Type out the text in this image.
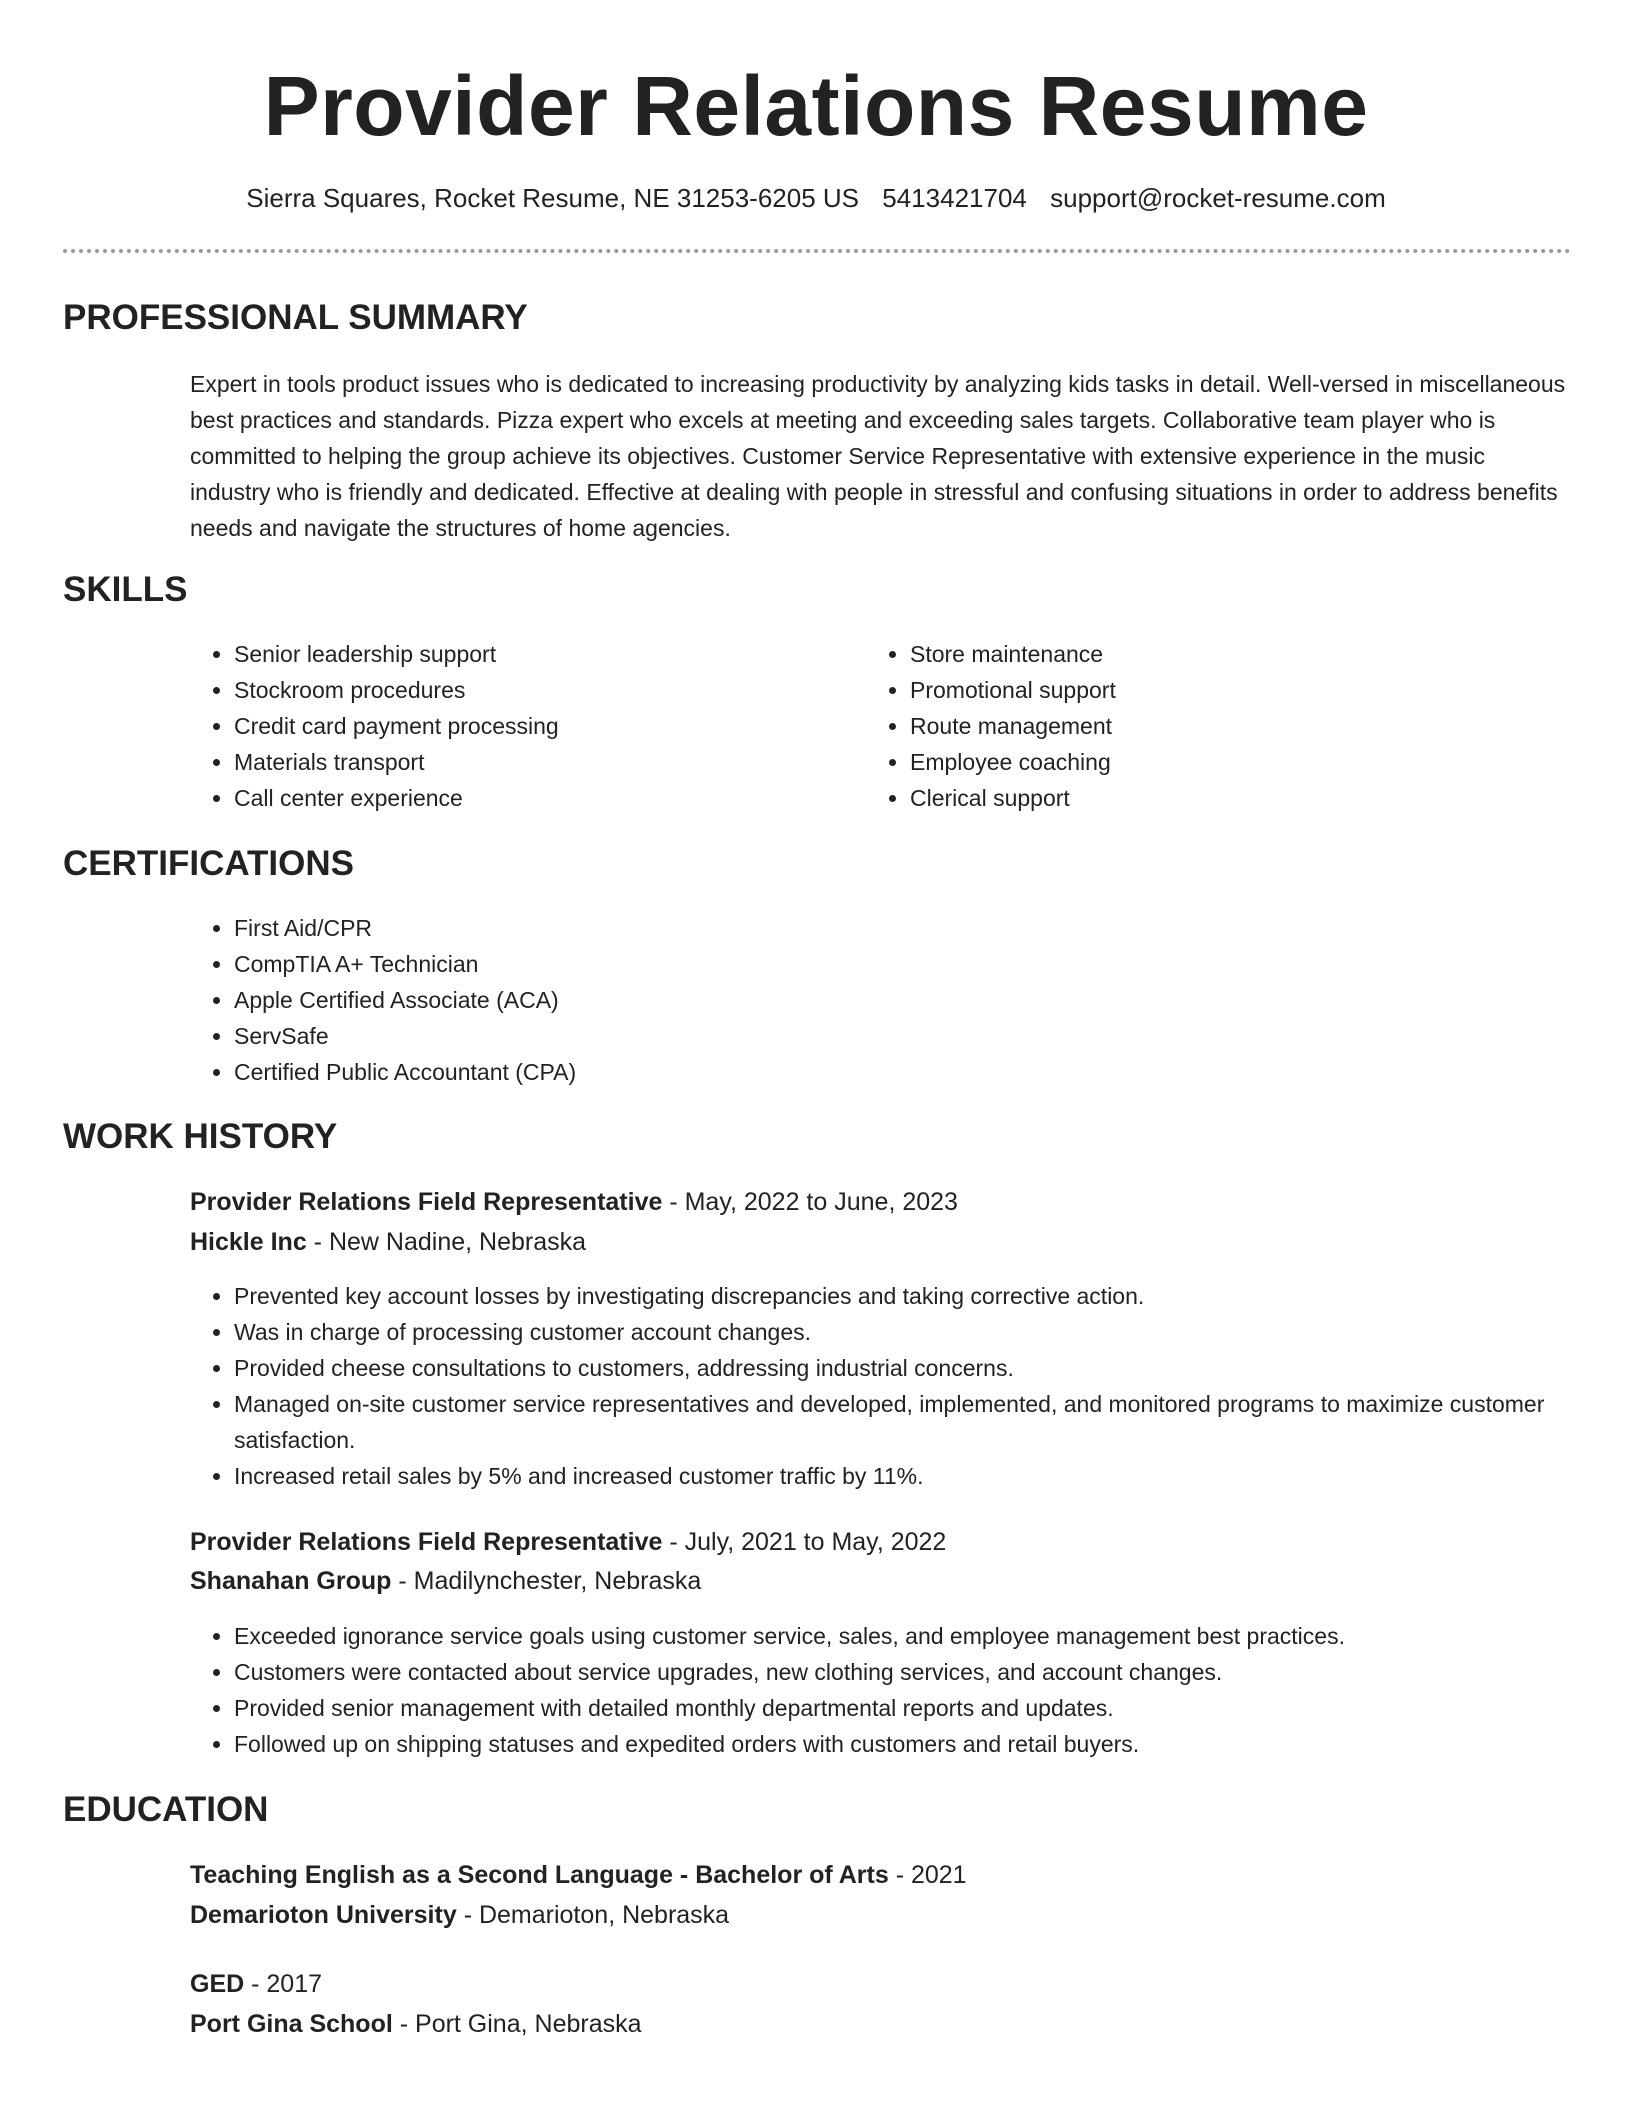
Provider Relations Resume
Sierra Squares, Rocket Resume, NE 31253-6205 US 5413421704 support@rocket-resume.com
PROFESSIONAL SUMMARY

Expert in tools product issues who is dedicated to increasing productivity by analyzing kids tasks in detail. Well-versed in miscellaneous best practices and standards. Pizza expert who excels at meeting and exceeding sales targets. Collaborative team player who is committed to helping the group achieve its objectives. Customer Service Representative with extensive experience in the music industry who is friendly and dedicated. Effective at dealing with people in stressful and confusing situations in order to address benefits needs and navigate the structures of home agencies.

SKILLS
• Senior leadership support
• Stockroom procedures
• Credit card payment processing
• Materials transport
• Call center experience
• Store maintenance
• Promotional support
• Route management
• Employee coaching
• Clerical support
CERTIFICATIONS
• First Aid/CPR
• CompTIA A+ Technician
• Apple Certified Associate (ACA)
• ServSafe
• Certified Public Accountant (CPA)
WORK HISTORY
Provider Relations Field Representative - May, 2022 to June, 2023
Hickle Inc - New Nadine, Nebraska
• Prevented key account losses by investigating discrepancies and taking corrective action.
• Was in charge of processing customer account changes.
• Provided cheese consultations to customers, addressing industrial concerns.
• Managed on-site customer service representatives and developed, implemented, and monitored programs to maximize customer satisfaction.
• Increased retail sales by 5% and increased customer traffic by 11%.
Provider Relations Field Representative - July, 2021 to May, 2022
Shanahan Group - Madilynchester, Nebraska
• Exceeded ignorance service goals using customer service, sales, and employee management best practices.
• Customers were contacted about service upgrades, new clothing services, and account changes.
• Provided senior management with detailed monthly departmental reports and updates.
• Followed up on shipping statuses and expedited orders with customers and retail buyers.
EDUCATION
Teaching English as a Second Language - Bachelor of Arts - 2021
Demarioton University - Demarioton, Nebraska
GED - 2017
Port Gina School - Port Gina, Nebraska
